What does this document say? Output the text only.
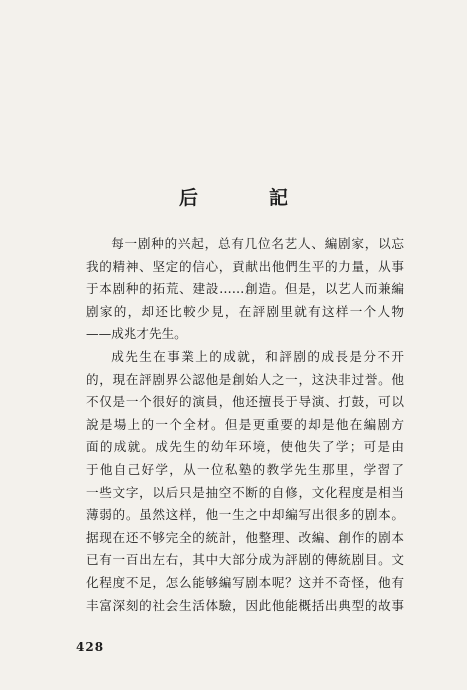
后　記
每一剧种的兴起，总有几位名艺人、編剧家，以忘
我的精神、坚定的信心，貢献出他們生平的力量，从事
于本剧种的拓荒、建設……創造。但是，以艺人而兼編
剧家的，却还比較少見，在評剧里就有这样一个人物
——成兆才先生。
成先生在事業上的成就，和評剧的成長是分不开
的，現在評剧界公認他是創始人之一，这決非过誉。他
不仅是一个很好的演員，他还擅長于导演、打鼓，可以
說是場上的一个全材。但是更重要的却是他在編剧方
面的成就。成先生的幼年环境，使他失了学；可是由
于他自己好学，从一位私塾的教学先生那里，学習了
一些文字，以后只是抽空不断的自修，文化程度是相当
薄弱的。虽然这样，他一生之中却編写出很多的剧本。
据现在还不够完全的統計，他整理、改編、創作的剧本
已有一百出左右，其中大部分成为評剧的傳統剧目。文
化程度不足，怎么能够編写剧本呢？这并不奇怪，他有
丰富深刻的社会生活体驗，因此他能概括出典型的故事
428
